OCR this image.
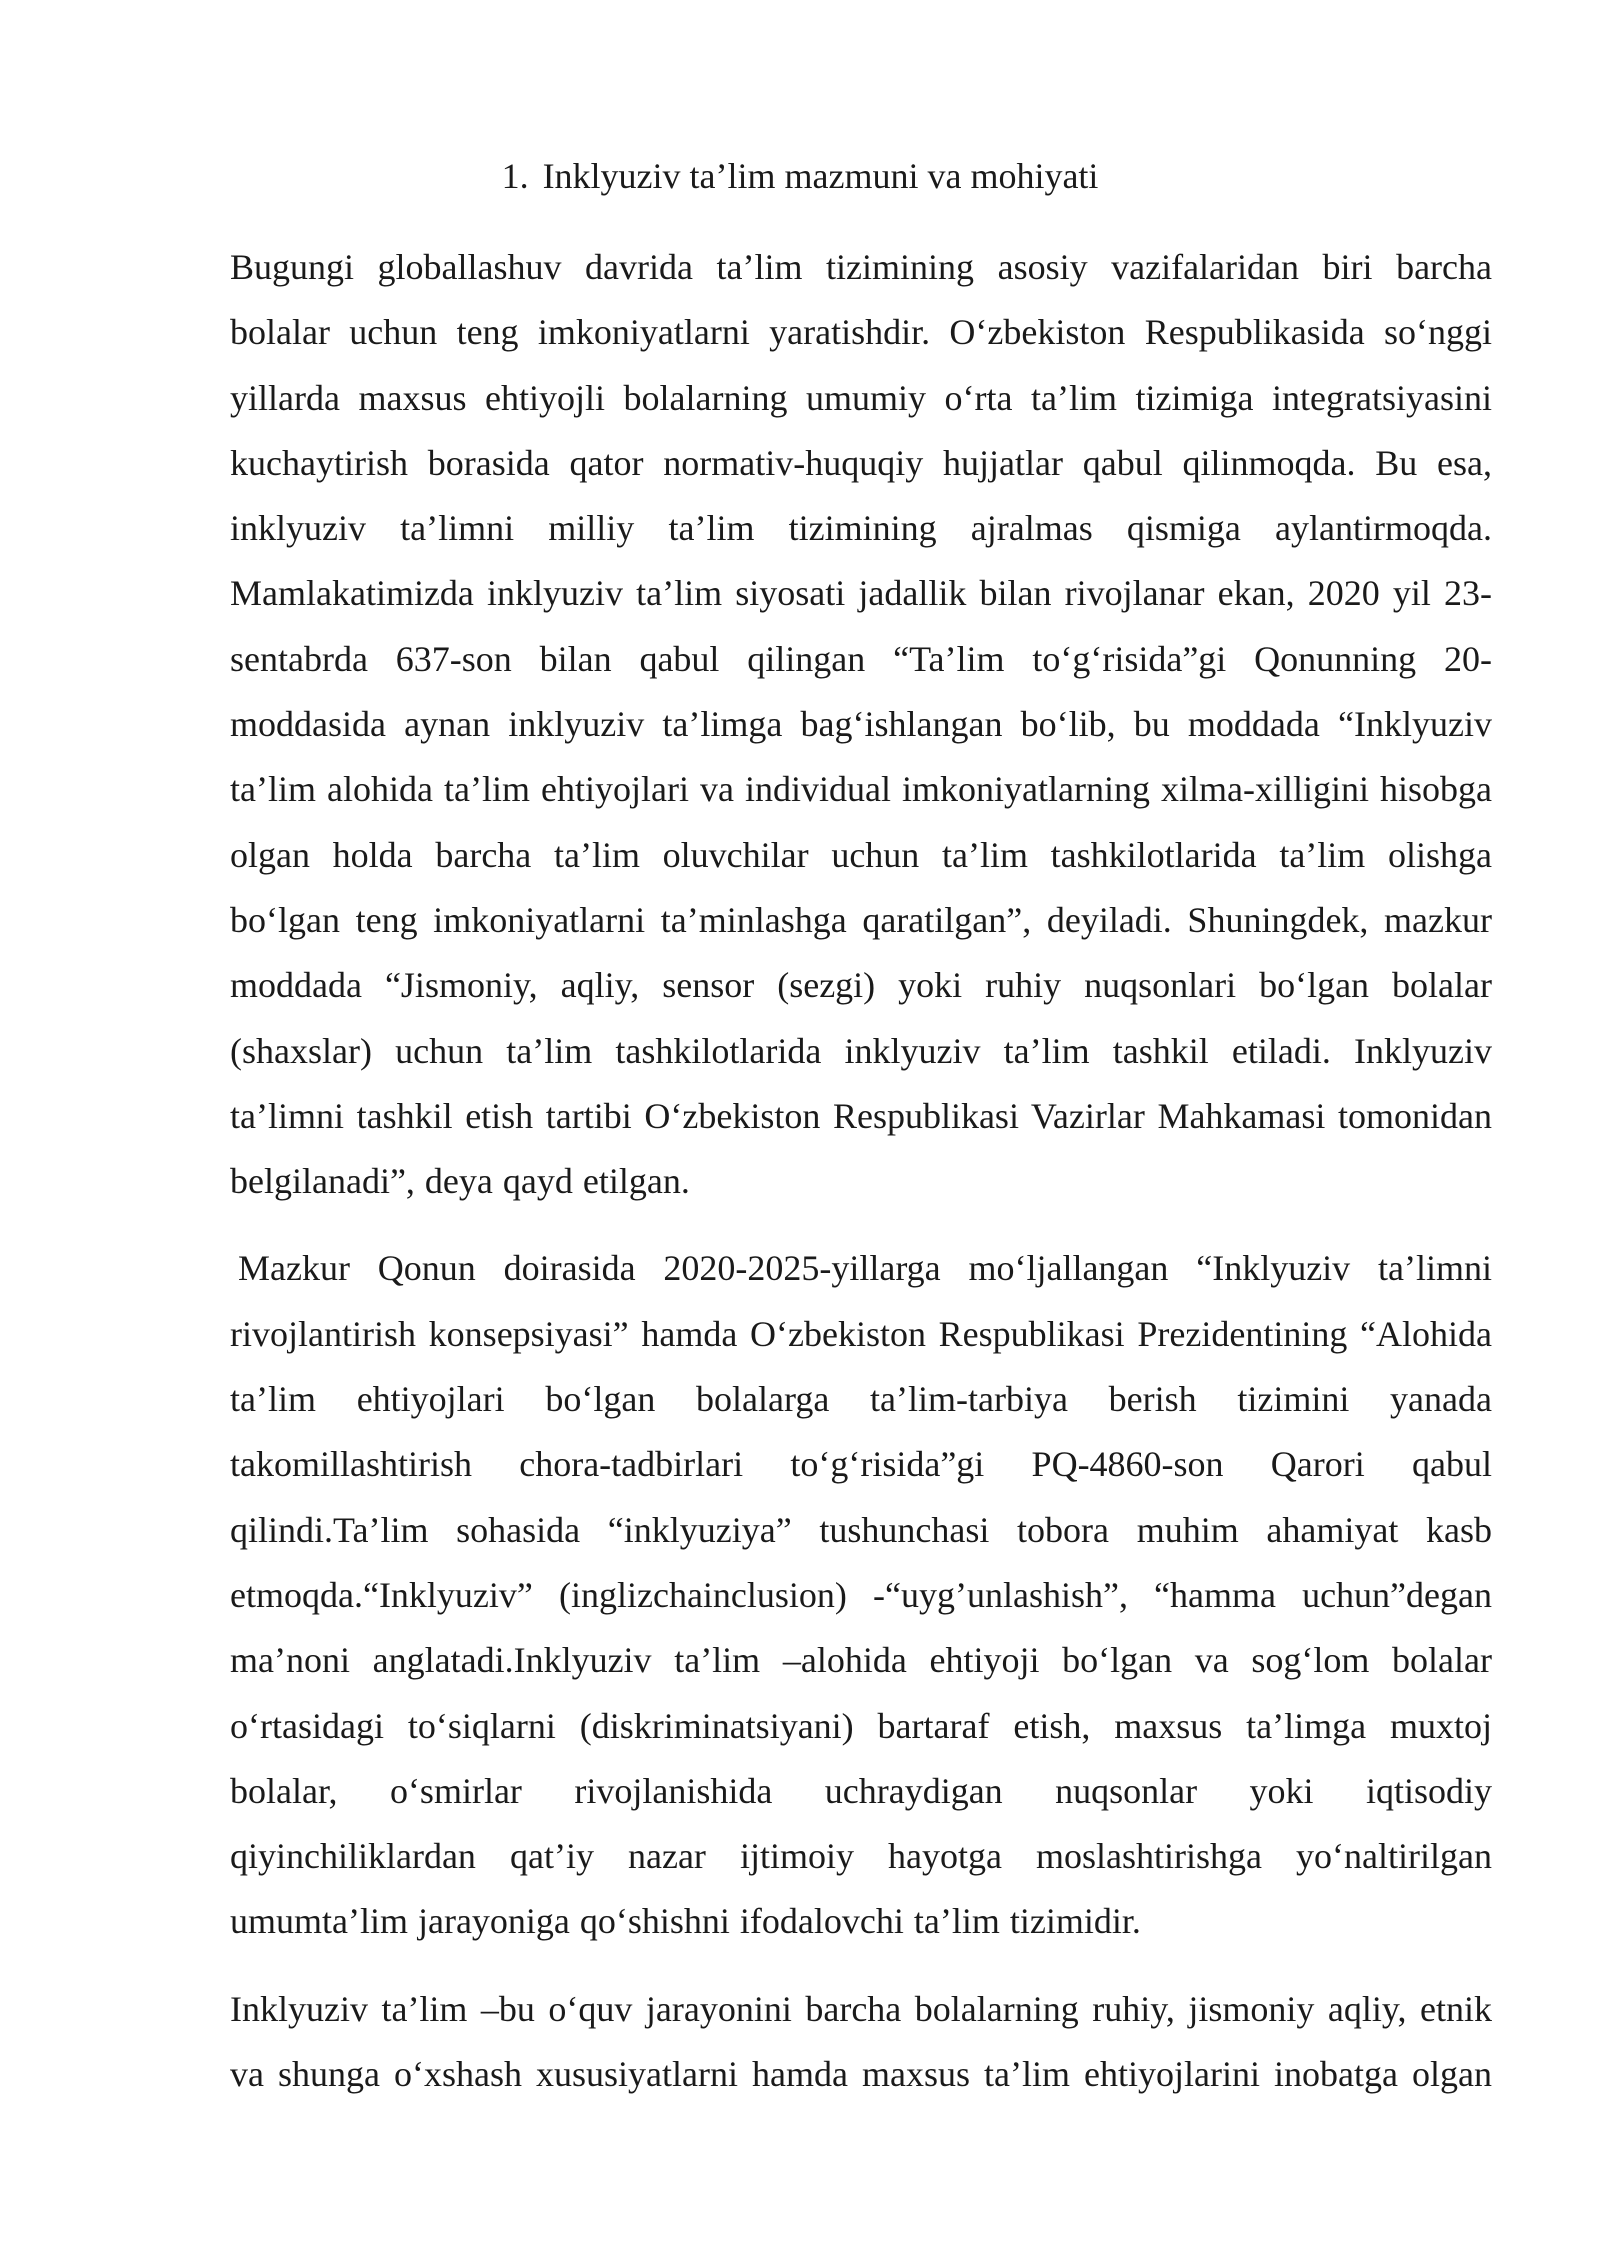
1. Inklyuziv ta’lim mazmuni va mohiyati

Bugungi globallashuv davrida ta’lim tizimining asosiy vazifalaridan biri barcha bolalar uchun teng imkoniyatlarni yaratishdir. O‘zbekiston Respublikasida so‘nggi yillarda maxsus ehtiyojli bolalarning umumiy o‘rta ta’lim tizimiga integratsiyasini kuchaytirish borasida qator normativ-huquqiy hujjatlar qabul qilinmoqda. Bu esa, inklyuziv ta’limni milliy ta’lim tizimining ajralmas qismiga aylantirmoqda. Mamlakatimizda inklyuziv ta’lim siyosati jadallik bilan rivojlanar ekan, 2020 yil 23-sentabrda 637-son bilan qabul qilingan “Ta’lim to‘g‘risida”gi Qonunning 20-moddasida aynan inklyuziv ta’limga bag‘ishlangan bo‘lib, bu moddada “Inklyuziv ta’lim alohida ta’lim ehtiyojlari va individual imkoniyatlarning xilma-xilligini hisobga olgan holda barcha ta’lim oluvchilar uchun ta’lim tashkilotlarida ta’lim olishga bo‘lgan teng imkoniyatlarni ta’minlashga qaratilgan”, deyiladi. Shuningdek, mazkur moddada “Jismoniy, aqliy, sensor (sezgi) yoki ruhiy nuqsonlari bo‘lgan bolalar (shaxslar) uchun ta’lim tashkilotlarida inklyuziv ta’lim tashkil etiladi. Inklyuziv ta’limni tashkil etish tartibi O‘zbekiston Respublikasi Vazirlar Mahkamasi tomonidan belgilanadi”, deya qayd etilgan.

Mazkur Qonun doirasida 2020-2025-yillarga mo‘ljallangan “Inklyuziv ta’limni rivojlantirish konsepsiyasi” hamda O‘zbekiston Respublikasi Prezidentining “Alohida ta’lim ehtiyojlari bo‘lgan bolalarga ta’lim-tarbiya berish tizimini yanada takomillashtirish chora-tadbirlari to‘g‘risida”gi PQ-4860-son Qarori qabul qilindi.Ta’lim sohasida “inklyuziya” tushunchasi tobora muhim ahamiyat kasb etmoqda.“Inklyuziv” (inglizchainclusion) -“uyg’unlashish”, “hamma uchun”degan ma’noni anglatadi.Inklyuziv ta’lim –alohida ehtiyoji bo‘lgan va sog‘lom bolalar o‘rtasidagi to‘siqlarni (diskriminatsiyani) bartaraf etish, maxsus ta’limga muxtoj bolalar, o‘smirlar rivojlanishida uchraydigan nuqsonlar yoki iqtisodiy qiyinchiliklardan qat’iy nazar ijtimoiy hayotga moslashtirishga yo‘naltirilgan umumta’lim jarayoniga qo‘shishni ifodalovchi ta’lim tizimidir.

Inklyuziv ta’lim –bu o‘quv jarayonini barcha bolalarning ruhiy, jismoniy aqliy, etnik va shunga o‘xshash xususiyatlarni hamda maxsus ta’lim ehtiyojlarini inobatga olgan
